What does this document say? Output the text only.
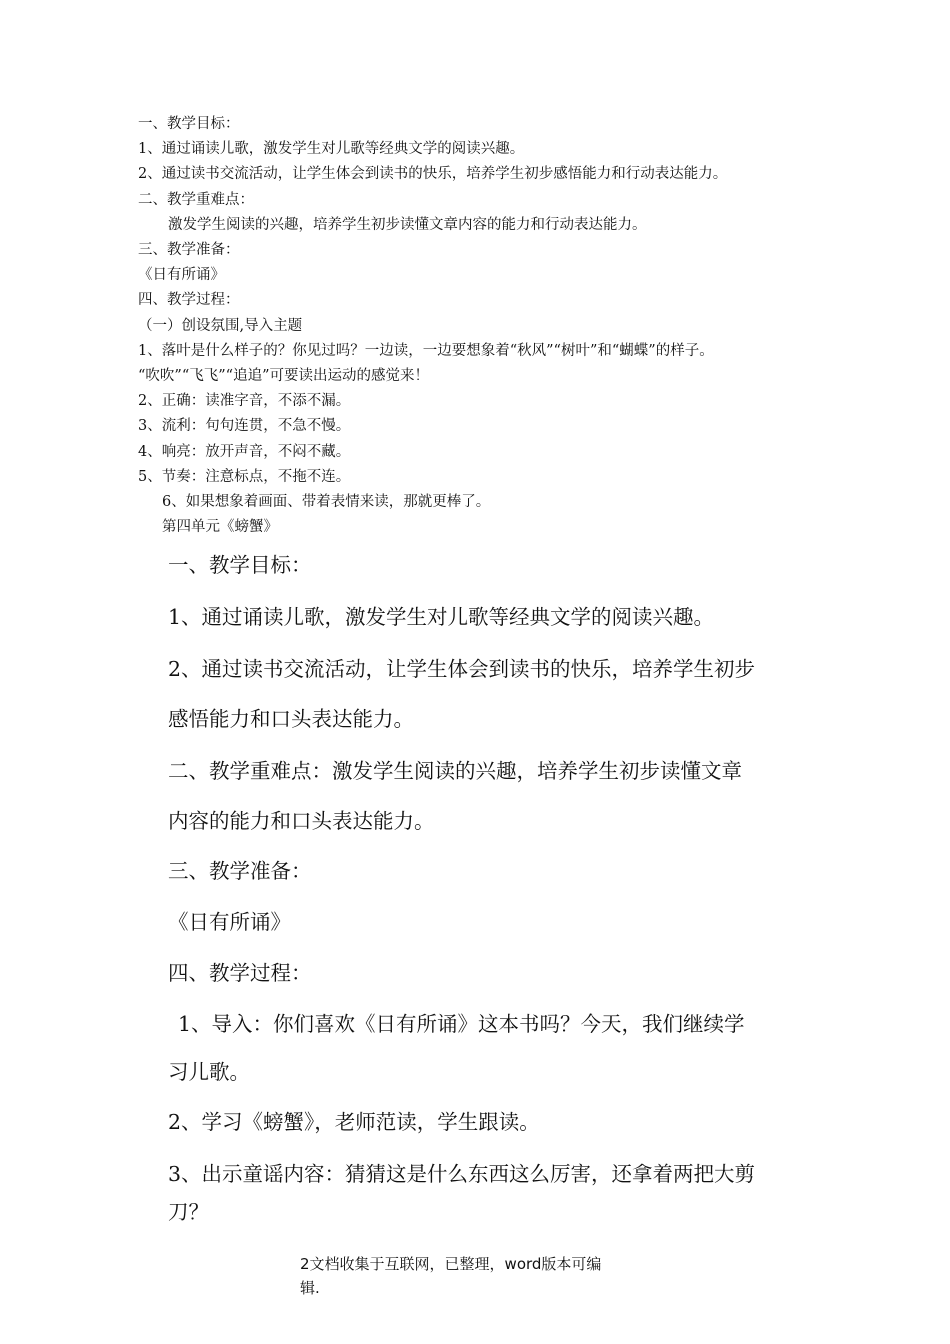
一、教学目标：

1、通过诵读儿歌，激发学生对儿歌等经典文学的阅读兴趣。

2、通过读书交流活动，让学生体会到读书的快乐，培养学生初步感悟能力和行动表达能力。

二、教学重难点：

激发学生阅读的兴趣，培养学生初步读懂文章内容的能力和行动表达能力。

三、教学准备：

《日有所诵》

四、教学过程：

（一）创设氛围,导入主题

1、落叶是什么样子的？你见过吗？一边读，一边要想象着“秋风”“树叶”和“蝴蝶”的样子。

“吹吹”“飞飞”“追追”可要读出运动的感觉来！

2、正确：读准字音，不添不漏。

3、流利：句句连贯，不急不慢。

4、响亮：放开声音，不闷不藏。

5、节奏：注意标点，不拖不连。

6、如果想象着画面、带着表情来读，那就更棒了。

第四单元《螃蟹》

一、教学目标：

1、通过诵读儿歌，激发学生对儿歌等经典文学的阅读兴趣。

2、通过读书交流活动，让学生体会到读书的快乐，培养学生初步

感悟能力和口头表达能力。

二、教学重难点：激发学生阅读的兴趣，培养学生初步读懂文章

内容的能力和口头表达能力。

三、教学准备：

《日有所诵》

四、教学过程：

1、导入：你们喜欢《日有所诵》这本书吗？今天，我们继续学

习儿歌。

2、学习《螃蟹》，老师范读，学生跟读。

3、出示童谣内容：猜猜这是什么东西这么厉害，还拿着两把大剪

刀？

2文档收集于互联网，已整理，word版本可编

辑.
